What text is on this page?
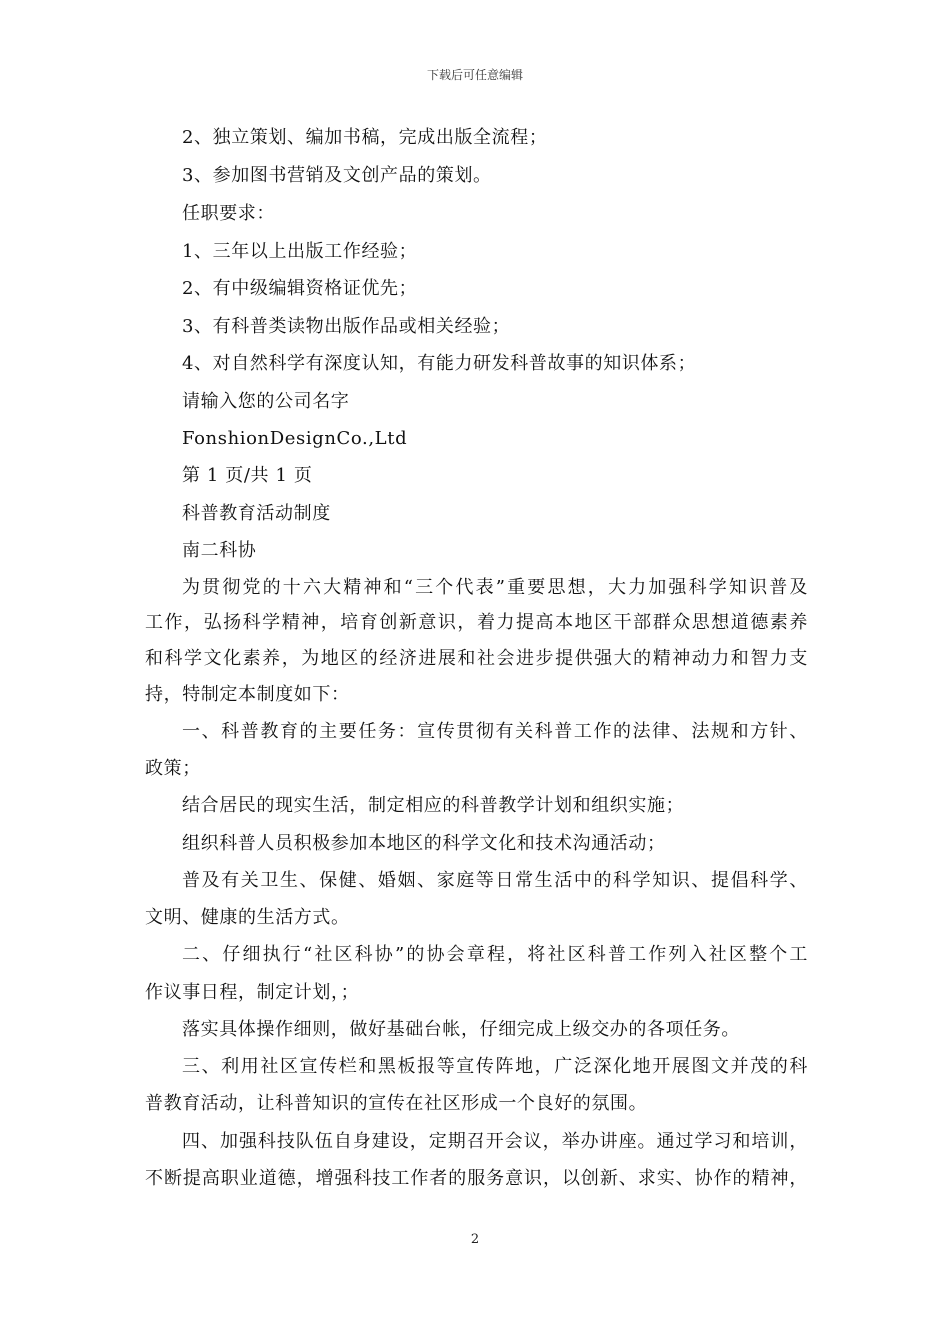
下载后可任意编辑
2、独立策划、编加书稿，完成出版全流程；
3、参加图书营销及文创产品的策划。
任职要求：
1、三年以上出版工作经验；
2、有中级编辑资格证优先；
3、有科普类读物出版作品或相关经验；
4、对自然科学有深度认知，有能力研发科普故事的知识体系；
请输入您的公司名字
FonshionDesignCo.,Ltd
第 1 页/共 1 页
科普教育活动制度
南二科协
为贯彻党的十六大精神和“三个代表”重要思想，大力加强科学知识普及
工作，弘扬科学精神，培育创新意识，着力提高本地区干部群众思想道德素养
和科学文化素养，为地区的经济进展和社会进步提供强大的精神动力和智力支
持，特制定本制度如下：
一、科普教育的主要任务：宣传贯彻有关科普工作的法律、法规和方针、
政策；
结合居民的现实生活，制定相应的科普教学计划和组织实施；
组织科普人员积极参加本地区的科学文化和技术沟通活动；
普及有关卫生、保健、婚姻、家庭等日常生活中的科学知识、提倡科学、
文明、健康的生活方式。
二、仔细执行“社区科协”的协会章程，将社区科普工作列入社区整个工
作议事日程，制定计划，；
落实具体操作细则，做好基础台帐，仔细完成上级交办的各项任务。
三、利用社区宣传栏和黑板报等宣传阵地，广泛深化地开展图文并茂的科
普教育活动，让科普知识的宣传在社区形成一个良好的氛围。
四、加强科技队伍自身建设，定期召开会议，举办讲座。通过学习和培训，
不断提高职业道德，增强科技工作者的服务意识，以创新、求实、协作的精神，
2
